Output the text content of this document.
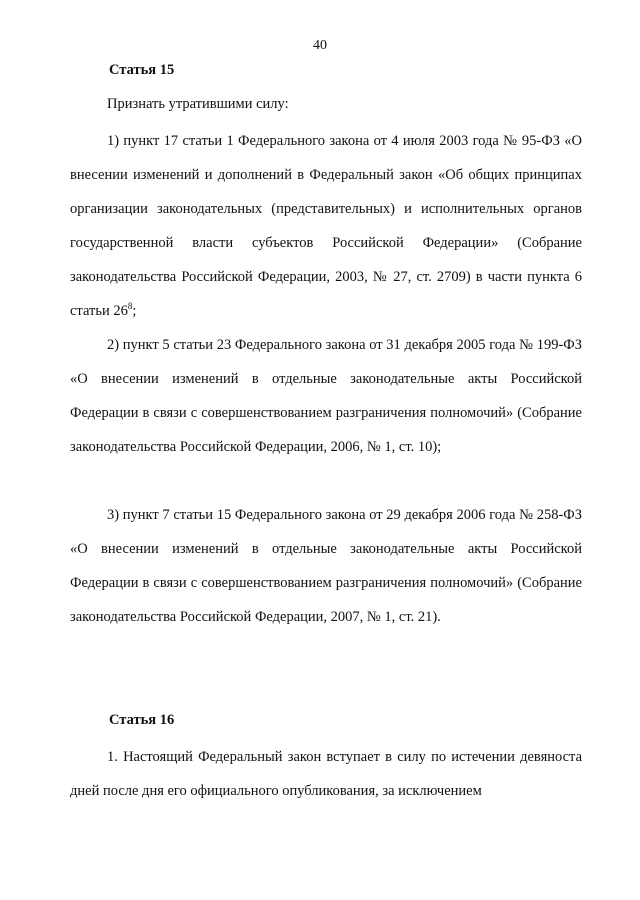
40
Статья 15

Признать утратившими силу:

1) пункт 17 статьи 1 Федерального закона от 4 июля 2003 года № 95-ФЗ «О внесении изменений и дополнений в Федеральный закон «Об общих принципах организации законодательных (представительных) и исполнительных органов государственной власти субъектов Российской Федерации» (Собрание законодательства Российской Федерации, 2003, № 27, ст. 2709) в части пункта 6 статьи $26^8$;

2) пункт 5 статьи 23 Федерального закона от 31 декабря 2005 года № 199-ФЗ «О внесении изменений в отдельные законодательные акты Российской Федерации в связи с совершенствованием разграничения полномочий» (Собрание законодательства Российской Федерации, 2006, № 1, ст. 10);

3) пункт 7 статьи 15 Федерального закона от 29 декабря 2006 года № 258-ФЗ «О внесении изменений в отдельные законодательные акты Российской Федерации в связи с совершенствованием разграничения полномочий» (Собрание законодательства Российской Федерации, 2007, № 1, ст. 21).

Статья 16

1. Настоящий Федеральный закон вступает в силу по истечении девяноста дней после дня его официального опубликования, за исключением
